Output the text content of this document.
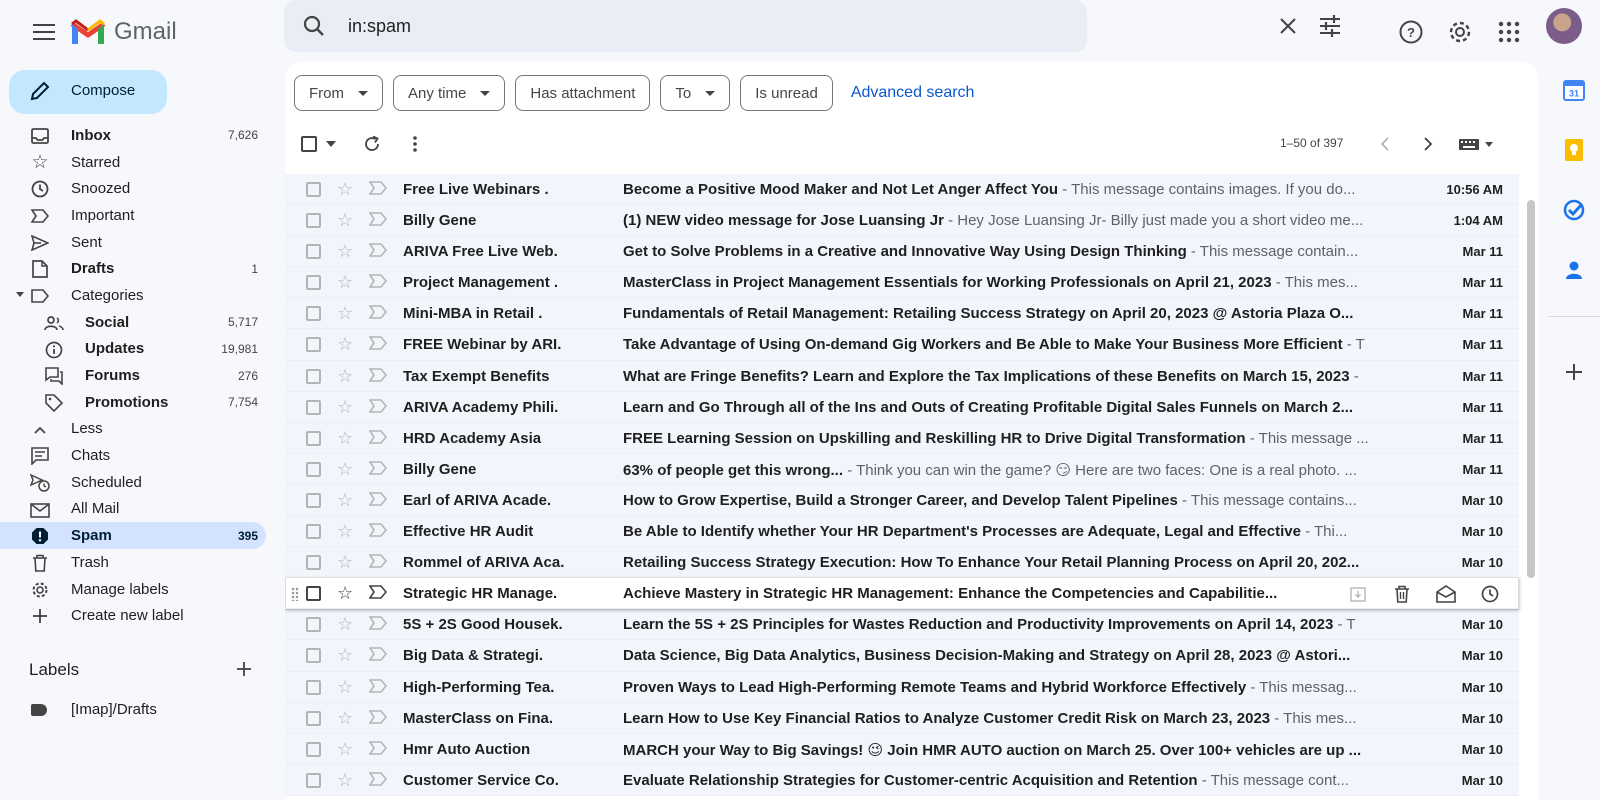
Gmail
in:spam	?
Compose
Inbox	7,626
☆ Starred
Snoozed
Important
Sent
Drafts	1
Categories
Social	5,717
Updates	19,981
Forums	276
Promotions	7,754
Less
Chats
Scheduled
All Mail
Spam	395
Trash
Manage labels
Create new label
Labels
[Imap]/Drafts
From	Any time	Has attachment	To	Is unread Advanced search
1–50 of 397
☆	Free Live Webinars .	Become a Positive Mood Maker and Not Let Anger Affect You - This message contains images. If you do...	10:56 AM
☆	Billy Gene	(1) NEW video message for Jose Luansing Jr - Hey Jose Luansing Jr- Billy just made you a short video me...	1:04 AM
☆	ARIVA Free Live Web.	Get to Solve Problems in a Creative and Innovative Way Using Design Thinking - This message contain...	Mar 11
☆	Project Management .	MasterClass in Project Management Essentials for Working Professionals on April 21, 2023 - This mes...	Mar 11
☆	Mini-MBA in Retail .	Fundamentals of Retail Management: Retailing Success Strategy on April 20, 2023 @ Astoria Plaza O...	Mar 11
☆	FREE Webinar by ARI.	Take Advantage of Using On-demand Gig Workers and Be Able to Make Your Business More Efficient - T	Mar 11
☆	Tax Exempt Benefits	What are Fringe Benefits? Learn and Explore the Tax Implications of these Benefits on March 15, 2023 -	Mar 11
☆	ARIVA Academy Phili.	Learn and Go Through all of the Ins and Outs of Creating Profitable Digital Sales Funnels on March 2...	Mar 11
☆	HRD Academy Asia	FREE Learning Session on Upskilling and Reskilling HR to Drive Digital Transformation - This message ...	Mar 11
☆	Billy Gene	63% of people get this wrong... - Think you can win the game? 😏 Here are two faces: One is a real photo. ...	Mar 11
☆	Earl of ARIVA Acade.	How to Grow Expertise, Build a Stronger Career, and Develop Talent Pipelines - This message contains...	Mar 10
☆	Effective HR Audit	Be Able to Identify whether Your HR Department's Processes are Adequate, Legal and Effective - Thi...	Mar 10
☆	Rommel of ARIVA Aca.	Retailing Success Strategy Execution: How To Enhance Your Retail Planning Process on April 20, 202...	Mar 10
☆	Strategic HR Manage.	Achieve Mastery in Strategic HR Management: Enhance the Competencies and Capabilitie...
☆	5S + 2S Good Housek.	Learn the 5S + 2S Principles for Wastes Reduction and Productivity Improvements on April 14, 2023 - T	Mar 10
☆	Big Data & Strategi.	Data Science, Big Data Analytics, Business Decision-Making and Strategy on April 28, 2023 @ Astori...	Mar 10
☆	High-Performing Tea.	Proven Ways to Lead High-Performing Remote Teams and Hybrid Workforce Effectively - This messag...	Mar 10
☆	MasterClass on Fina.	Learn How to Use Key Financial Ratios to Analyze Customer Credit Risk on March 23, 2023 - This mes...	Mar 10
☆	Hmr Auto Auction	MARCH your Way to Big Savings! 😉 Join HMR AUTO auction on March 25. Over 100+ vehicles are up ...	Mar 10
☆	Customer Service Co.	Evaluate Relationship Strategies for Customer-centric Acquisition and Retention - This message cont...	Mar 10
31
